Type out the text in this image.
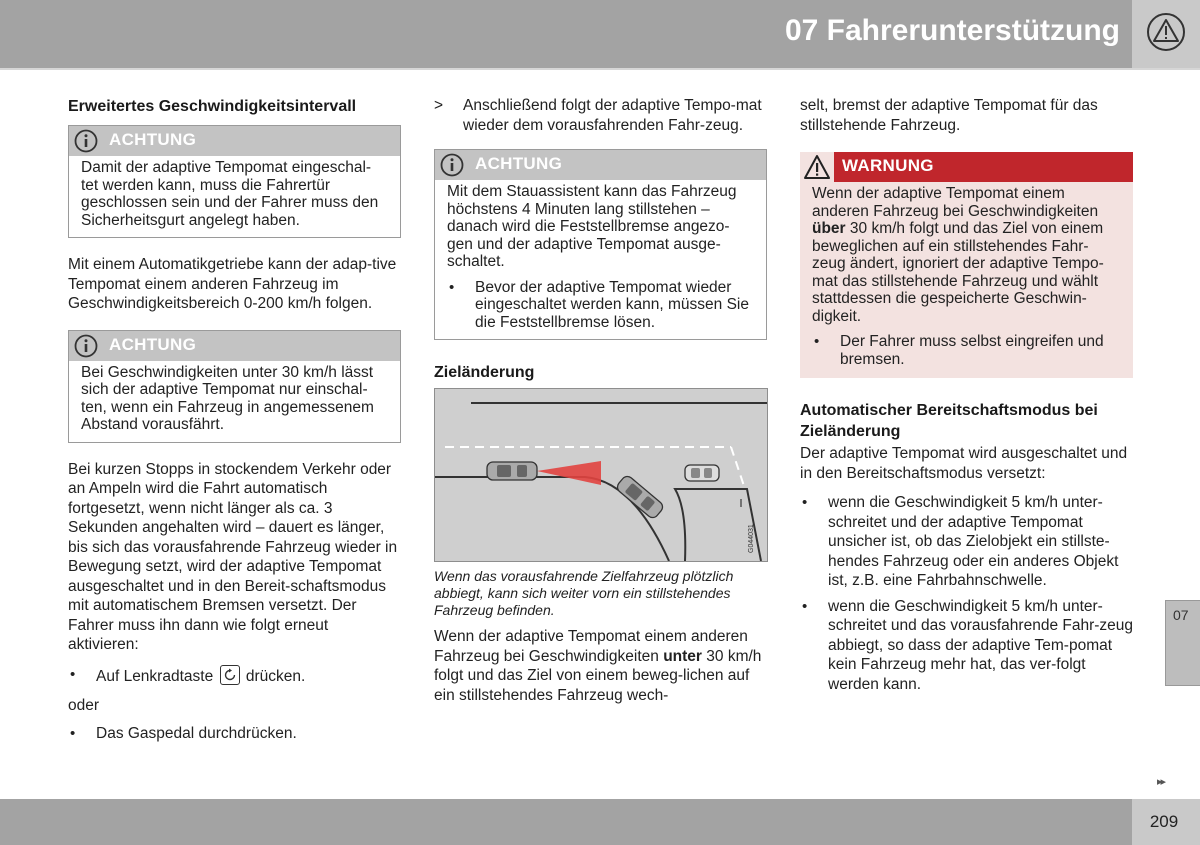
07 Fahrerunterstützung
Erweitertes Geschwindigkeitsintervall
ACHTUNG
Damit der adaptive Tempomat eingeschal-tet werden kann, muss die Fahrertür geschlossen sein und der Fahrer muss den Sicherheitsgurt angelegt haben.

Mit einem Automatikgetriebe kann der adap-tive Tempomat einem anderen Fahrzeug im Geschwindigkeitsbereich 0-200 km/h folgen.

ACHTUNG
Bei Geschwindigkeiten unter 30 km/h lässt sich der adaptive Tempomat nur einschal-ten, wenn ein Fahrzeug in angemessenem Abstand vorausfährt.

Bei kurzen Stopps in stockendem Verkehr oder an Ampeln wird die Fahrt automatisch fortgesetzt, wenn nicht länger als ca. 3 Sekunden angehalten wird – dauert es länger, bis sich das vorausfahrende Fahrzeug wieder in Bewegung setzt, wird der adaptive Tempomat ausgeschaltet und in den Bereit-schaftsmodus mit automatischem Bremsen versetzt. Der Fahrer muss ihn dann wie folgt erneut aktivieren:

• Auf Lenkradtaste drücken.

oder

• Das Gaspedal durchdrücken.
> Anschließend folgt der adaptive Tempo-mat wieder dem vorausfahrenden Fahr-zeug.
ACHTUNG
Mit dem Stauassistent kann das Fahrzeug höchstens 4 Minuten lang stillstehen – danach wird die Feststellbremse angezo-gen und der adaptive Tempomat ausge-schaltet.
• Bevor der adaptive Tempomat wieder eingeschaltet werden kann, müssen Sie die Feststellbremse lösen.
Zieländerung
G044031

Wenn das vorausfahrende Zielfahrzeug plötzlich abbiegt, kann sich weiter vorn ein stillstehendes Fahrzeug befinden.

Wenn der adaptive Tempomat einem anderen Fahrzeug bei Geschwindigkeiten unter 30 km/h folgt und das Ziel von einem beweg-lichen auf ein stillstehendes Fahrzeug wech-

selt, bremst der adaptive Tempomat für das stillstehende Fahrzeug.

WARNUNG
Wenn der adaptive Tempomat einem anderen Fahrzeug bei Geschwindigkeiten über 30 km/h folgt und das Ziel von einem beweglichen auf ein stillstehendes Fahr-zeug ändert, ignoriert der adaptive Tempo-mat das stillstehende Fahrzeug und wählt stattdessen die gespeicherte Geschwin-digkeit.
• Der Fahrer muss selbst eingreifen und bremsen.
Automatischer Bereitschaftsmodus bei Zieländerung

Der adaptive Tempomat wird ausgeschaltet und in den Bereitschaftsmodus versetzt:

• wenn die Geschwindigkeit 5 km/h unter-schreitet und der adaptive Tempomat unsicher ist, ob das Zielobjekt ein stillste-hendes Fahrzeug oder ein anderes Objekt ist, z.B. eine Fahrbahnschwelle.
• wenn die Geschwindigkeit 5 km/h unter-schreitet und das vorausfahrende Fahr-zeug abbiegt, so dass der adaptive Tem-pomat kein Fahrzeug mehr hat, das ver-folgt werden kann.
07
▸▸
209
